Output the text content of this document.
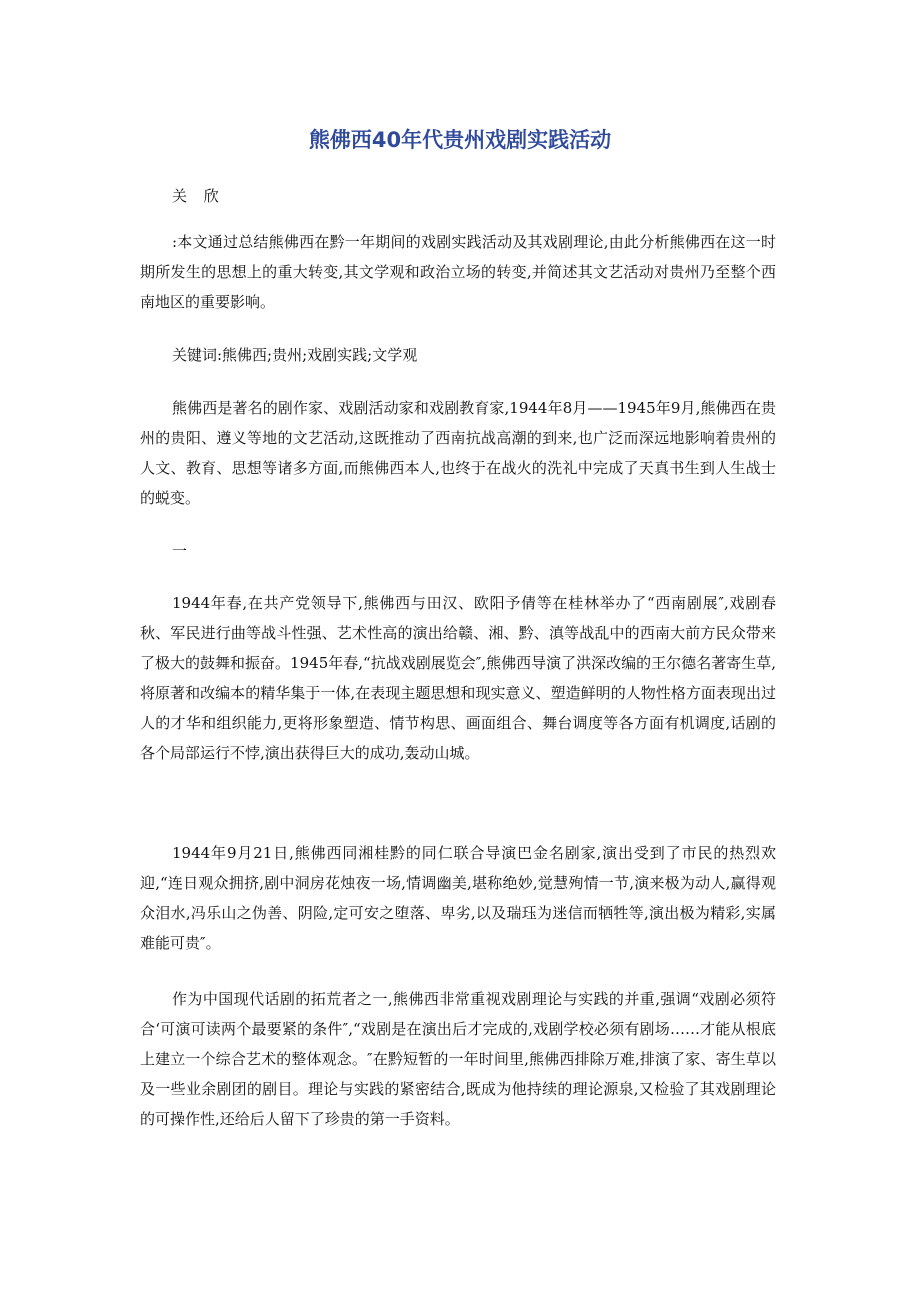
熊佛西40年代贵州戏剧实践活动

关 欣

:本文通过总结熊佛西在黔一年期间的戏剧实践活动及其戏剧理论,由此分析熊佛西在这一时期所发生的思想上的重大转变,其文学观和政治立场的转变,并简述其文艺活动对贵州乃至整个西南地区的重要影响。

关键词:熊佛西;贵州;戏剧实践;文学观

熊佛西是著名的剧作家、戏剧活动家和戏剧教育家,1944年8月——1945年9月,熊佛西在贵州的贵阳、遵义等地的文艺活动,这既推动了西南抗战高潮的到来,也广泛而深远地影响着贵州的人文、教育、思想等诸多方面,而熊佛西本人,也终于在战火的洗礼中完成了天真书生到人生战士的蜕变。

一

1944年春,在共产党领导下,熊佛西与田汉、欧阳予倩等在桂林举办了“西南剧展″,戏剧春秋、军民进行曲等战斗性强、艺术性高的演出给赣、湘、黔、滇等战乱中的西南大前方民众带来了极大的鼓舞和振奋。1945年春,“抗战戏剧展览会″,熊佛西导演了洪深改编的王尔德名著寄生草,将原著和改编本的精华集于一体,在表现主题思想和现实意义、塑造鲜明的人物性格方面表现出过人的才华和组织能力,更将形象塑造、情节构思、画面组合、舞台调度等各方面有机调度,话剧的各个局部运行不悖,演出获得巨大的成功,轰动山城。

1944年9月21日,熊佛西同湘桂黔的同仁联合导演巴金名剧家,演出受到了市民的热烈欢迎,“连日观众拥挤,剧中洞房花烛夜一场,情调幽美,堪称绝妙,觉慧殉情一节,演来极为动人,赢得观众泪水,冯乐山之伪善、阴险,定可安之堕落、卑劣,以及瑞珏为迷信而牺牲等,演出极为精彩,实属难能可贵″。

作为中国现代话剧的拓荒者之一,熊佛西非常重视戏剧理论与实践的并重,强调“戏剧必须符合‘可演可读两个最要紧的条件″,“戏剧是在演出后才完成的,戏剧学校必须有剧场……才能从根底上建立一个综合艺术的整体观念。″在黔短暂的一年时间里,熊佛西排除万难,排演了家、寄生草以及一些业余剧团的剧目。理论与实践的紧密结合,既成为他持续的理论源泉,又检验了其戏剧理论的可操作性,还给后人留下了珍贵的第一手资料。
